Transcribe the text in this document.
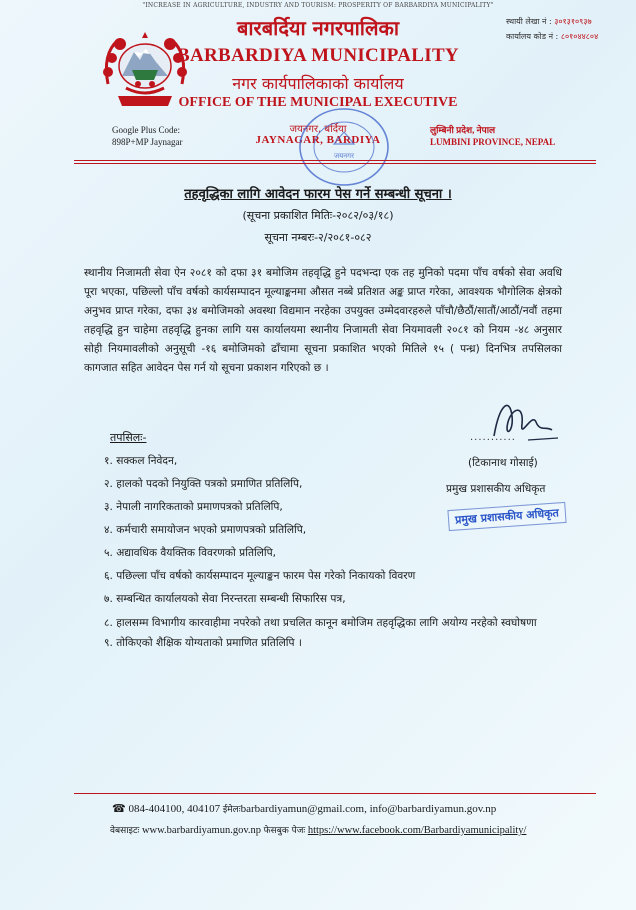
"INCREASE IN AGRICULTURE, INDUSTRY AND TOURISM: PROSPERITY OF BARBARDIYA MUNICIPALITY"
स्थायी लेखा नं : ३०१३१०९३७
कार्यालय कोड नं : ८०१०४४८०४
बारबर्दिया नगरपालिका
BARBARDIYA MUNICIPALITY
नगर कार्यपालिकाको कार्यालय
OFFICE OF THE MUNICIPAL EXECUTIVE
जयनगर, बर्दिया
JAYNAGAR, BARDIYA
Google Plus Code:
898P+MP Jaynagar
लुम्बिनी प्रदेश, नेपाल
LUMBINI PROVINCE, NEPAL
जयनगर
तहवृद्धिका लागि आवेदन फारम पेस गर्ने सम्बन्धी सूचना ।
(सूचना प्रकाशित मितिः-२०८२/०३/१८)
सूचना नम्बरः-२/२०८१-०८२
स्थानीय निजामती सेवा ऐन २०८१ को दफा ३१ बमोजिम तहवृद्धि हुने पदभन्दा एक तह मुनिको पदमा पाँच वर्षको सेवा अवधि पूरा भएका, पछिल्लो पाँच वर्षको कार्यसम्पादन मूल्याङ्कनमा औसत नब्बे प्रतिशत अङ्क प्राप्त गरेका, आवश्यक भौगोलिक क्षेत्रको अनुभव प्राप्त गरेका, दफा ३४ बमोजिमको अवस्था विद्यमान नरहेका उपयुक्त उम्मेदवारहरुले पाँचौ/छैठौं/सातौं/आठौं/नवौं तहमा तहवृद्धि हुन चाहेमा तहवृद्धि हुनका लागि यस कार्यालयमा स्थानीय निजामती सेवा नियमावली २०८१ को नियम -४८ अनुसार सोही नियमावलीको अनुसूची -१६ बमोजिमको ढाँचामा सूचना प्रकाशित भएको मितिले १५ ( पन्ध्र) दिनभित्र तपसिलका कागजात सहित आवेदन पेस गर्न यो सूचना प्रकाशन गरिएको छ ।
तपसिलः-
१. सक्कल निवेदन,
२. हालको पदको नियुक्ति पत्रको प्रमाणित प्रतिलिपि,
३. नेपाली नागरिकताको प्रमाणपत्रको प्रतिलिपि,
४. कर्मचारी समायोजन भएको प्रमाणपत्रको प्रतिलिपि,
५. अद्यावधिक वैयक्तिक विवरणको प्रतिलिपि,
६. पछिल्ला पाँच वर्षको कार्यसम्पादन मूल्याङ्कन फारम पेस गरेको निकायको विवरण
७. सम्बन्धित कार्यालयको सेवा निरन्तरता सम्बन्धी सिफारिस पत्र,
८. हालसम्म विभागीय कारवाहीमा नपरेको तथा प्रचलित कानून बमोजिम तहवृद्धिका लागि अयोग्य नरहेको स्वघोषणा
९. तोकिएको शैक्षिक योग्यताको प्रमाणित प्रतिलिपि ।
...........
(टिकानाथ गोसाई)
प्रमुख प्रशासकीय अधिकृत
प्रमुख प्रशासकीय अधिकृत
☎ 084-404100, 404107 ईमेलःbarbardiyamun@gmail.com, info@barbardiyamun.gov.np
वेबसाइटः www.barbardiyamun.gov.np फेसबुक पेजः https://www.facebook.com/Barbardiyamunicipality/
